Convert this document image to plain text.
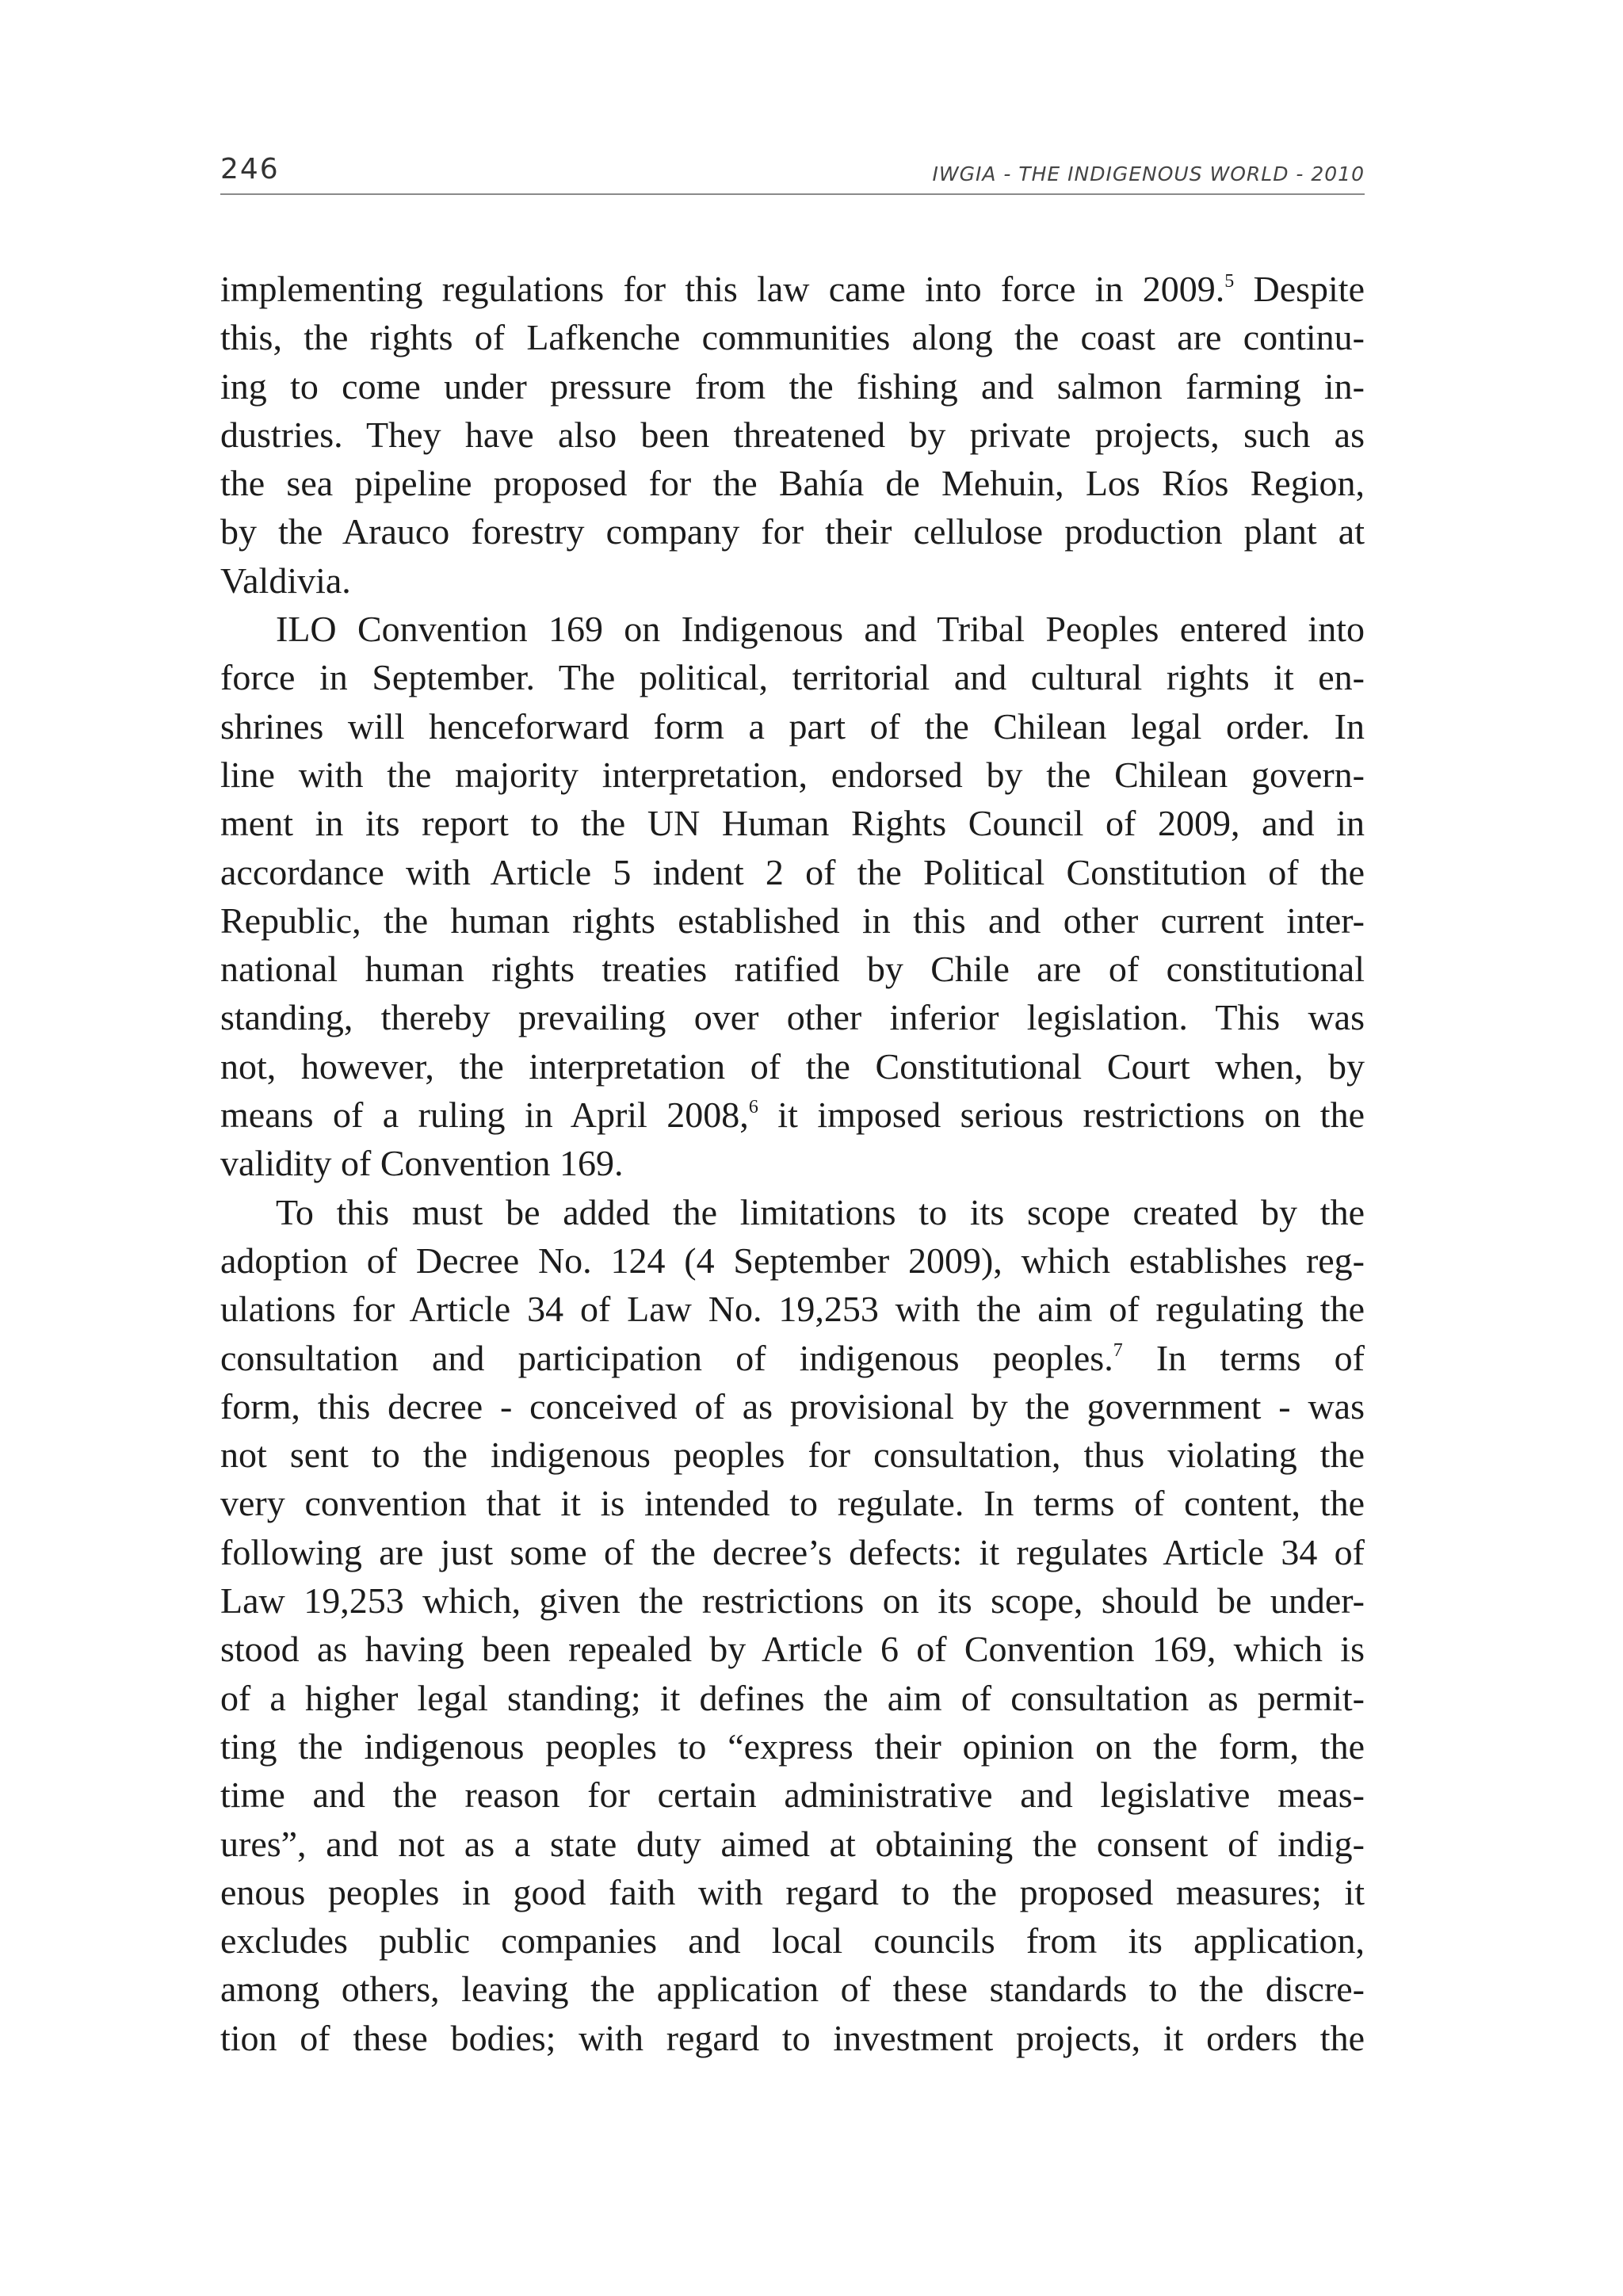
246	IWGIA - THE INDIGENOUS WORLD - 2010
implementing regulations for this law came into force in 2009.$^5$ Despite
this, the rights of Lafkenche communities along the coast are continu-
ing to come under pressure from the fishing and salmon farming in-
dustries. They have also been threatened by private projects, such as
the sea pipeline proposed for the Bahía de Mehuin, Los Ríos Region,
by the Arauco forestry company for their cellulose production plant at
Valdivia.
ILO Convention 169 on Indigenous and Tribal Peoples entered into
force in September. The political, territorial and cultural rights it en-
shrines will henceforward form a part of the Chilean legal order. In
line with the majority interpretation, endorsed by the Chilean govern-
ment in its report to the UN Human Rights Council of 2009, and in
accordance with Article 5 indent 2 of the Political Constitution of the
Republic, the human rights established in this and other current inter-
national human rights treaties ratified by Chile are of constitutional
standing, thereby prevailing over other inferior legislation. This was
not, however, the interpretation of the Constitutional Court when, by
means of a ruling in April 2008,$^6$ it imposed serious restrictions on the
validity of Convention 169.
To this must be added the limitations to its scope created by the
adoption of Decree No. 124 (4 September 2009), which establishes reg-
ulations for Article 34 of Law No. 19,253 with the aim of regulating the
consultation and participation of indigenous peoples.$^7$ In terms of
form, this decree - conceived of as provisional by the government - was
not sent to the indigenous peoples for consultation, thus violating the
very convention that it is intended to regulate. In terms of content, the
following are just some of the decree’s defects: it regulates Article 34 of
Law 19,253 which, given the restrictions on its scope, should be under-
stood as having been repealed by Article 6 of Convention 169, which is
of a higher legal standing; it defines the aim of consultation as permit-
ting the indigenous peoples to “express their opinion on the form, the
time and the reason for certain administrative and legislative meas-
ures”, and not as a state duty aimed at obtaining the consent of indig-
enous peoples in good faith with regard to the proposed measures; it
excludes public companies and local councils from its application,
among others, leaving the application of these standards to the discre-
tion of these bodies; with regard to investment projects, it orders the
